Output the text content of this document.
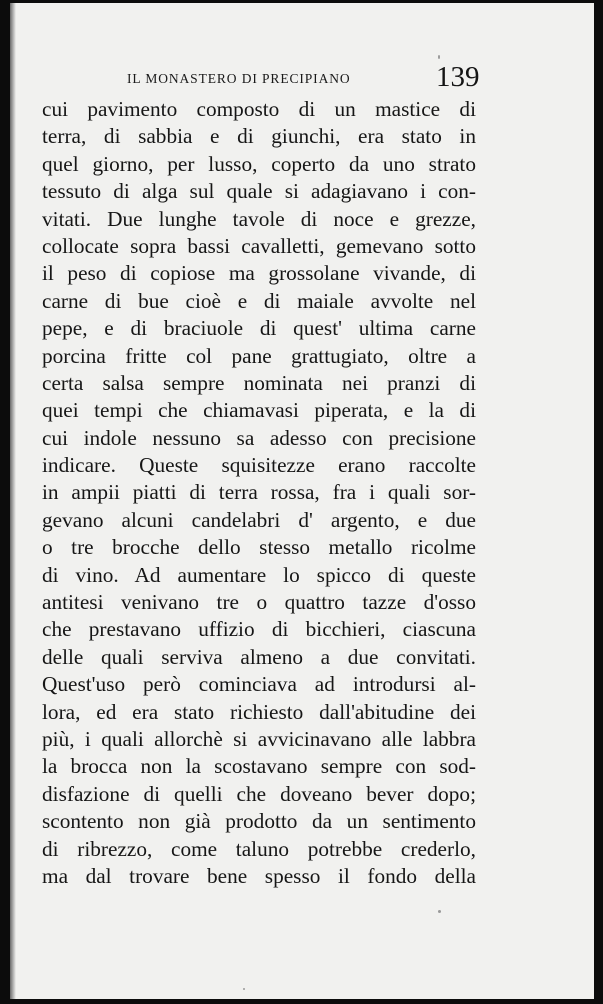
IL MONASTERO DI PRECIPIANO	139
cui pavimento composto di un mastice di
terra, di sabbia e di giunchi, era stato in
quel giorno, per lusso, coperto da uno strato
tessuto di alga sul quale si adagiavano i con-
vitati. Due lunghe tavole di noce e grezze,
collocate sopra bassi cavalletti, gemevano sotto
il peso di copiose ma grossolane vivande, di
carne di bue cioè e di maiale avvolte nel
pepe, e di braciuole di quest' ultima carne
porcina fritte col pane grattugiato, oltre a
certa salsa sempre nominata nei pranzi di
quei tempi che chiamavasi piperata, e la di
cui indole nessuno sa adesso con precisione
indicare. Queste squisitezze erano raccolte
in ampii piatti di terra rossa, fra i quali sor-
gevano alcuni candelabri d' argento, e due
o tre brocche dello stesso metallo ricolme
di vino. Ad aumentare lo spicco di queste
antitesi venivano tre o quattro tazze d'osso
che prestavano uffizio di bicchieri, ciascuna
delle quali serviva almeno a due convitati.
Quest'uso però cominciava ad introdursi al-
lora, ed era stato richiesto dall'abitudine dei
più, i quali allorchè si avvicinavano alle labbra
la brocca non la scostavano sempre con sod-
disfazione di quelli che doveano bever dopo;
scontento non già prodotto da un sentimento
di ribrezzo, come taluno potrebbe crederlo,
ma dal trovare bene spesso il fondo della
